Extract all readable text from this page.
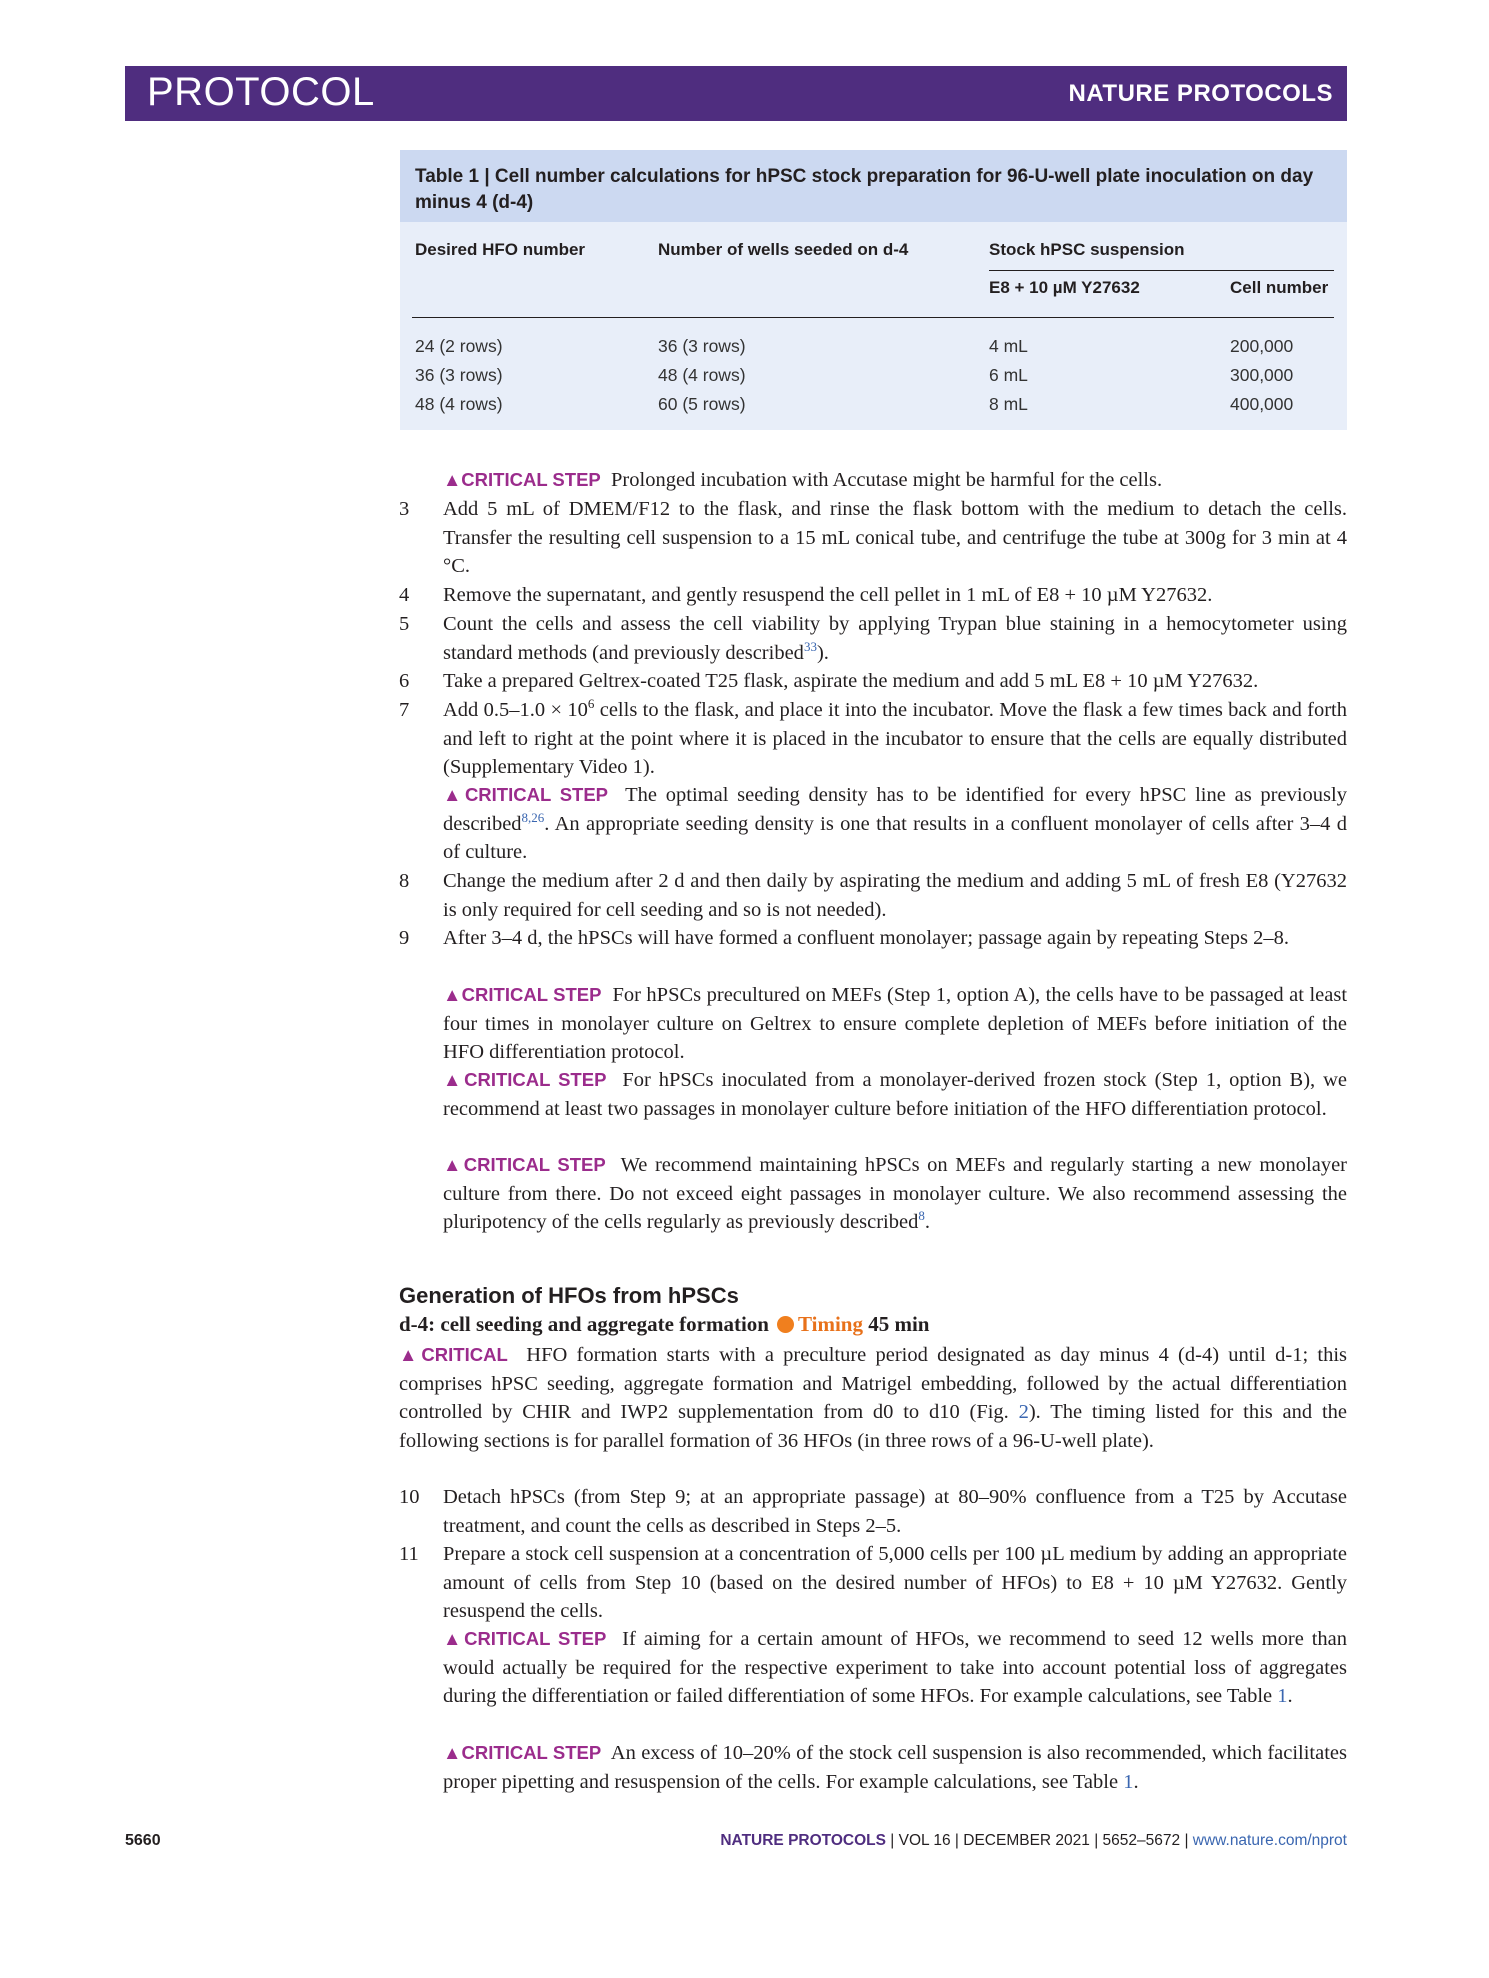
PROTOCOL	NATURE PROTOCOLS
Table 1 | Cell number calculations for hPSC stock preparation for 96-U-well plate inoculation on day minus 4 (d-4)
Desired HFO number	Number of wells seeded on d-4	Stock hPSC suspension
E8 + 10 µM Y27632	Cell number
24 (2 rows)	36 (3 rows)	4 mL	200,000
36 (3 rows)	48 (4 rows)	6 mL	300,000
48 (4 rows)	60 (5 rows)	8 mL	400,000
▲CRITICAL STEP Prolonged incubation with Accutase might be harmful for the cells.
3 Add 5 mL of DMEM/F12 to the flask, and rinse the flask bottom with the medium to detach the cells. Transfer the resulting cell suspension to a 15 mL conical tube, and centrifuge the tube at 300g for 3 min at 4 °C.
4 Remove the supernatant, and gently resuspend the cell pellet in 1 mL of E8 + 10 µM Y27632.
5 Count the cells and assess the cell viability by applying Trypan blue staining in a hemocytometer using standard methods (and previously described$^{33}$).
6 Take a prepared Geltrex-coated T25 flask, aspirate the medium and add 5 mL E8 + 10 µM Y27632.
7 Add $0.5-1.0 \times 10^6$ cells to the flask, and place it into the incubator. Move the flask a few times back and forth and left to right at the point where it is placed in the incubator to ensure that the cells are equally distributed (Supplementary Video 1).
▲CRITICAL STEP The optimal seeding density has to be identified for every hPSC line as previously described$^{8,26}$. An appropriate seeding density is one that results in a confluent monolayer of cells after 3–4 d of culture.
8 Change the medium after 2 d and then daily by aspirating the medium and adding 5 mL of fresh E8 (Y27632 is only required for cell seeding and so is not needed).
9 After 3–4 d, the hPSCs will have formed a confluent monolayer; passage again by repeating Steps 2–8.
▲CRITICAL STEP For hPSCs precultured on MEFs (Step 1, option A), the cells have to be passaged at least four times in monolayer culture on Geltrex to ensure complete depletion of MEFs before initiation of the HFO differentiation protocol.
▲CRITICAL STEP For hPSCs inoculated from a monolayer-derived frozen stock (Step 1, option B), we recommend at least two passages in monolayer culture before initiation of the HFO differentiation protocol.
▲CRITICAL STEP We recommend maintaining hPSCs on MEFs and regularly starting a new monolayer culture from there. Do not exceed eight passages in monolayer culture. We also recommend assessing the pluripotency of the cells regularly as previously described$^8$.
Generation of HFOs from hPSCs
d-4: cell seeding and aggregate formation Timing 45 min
▲CRITICAL HFO formation starts with a preculture period designated as day minus 4 (d-4) until d-1; this comprises hPSC seeding, aggregate formation and Matrigel embedding, followed by the actual differentiation controlled by CHIR and IWP2 supplementation from d0 to d10 (Fig. 2). The timing listed for this and the following sections is for parallel formation of 36 HFOs (in three rows of a 96-U-well plate).
10 Detach hPSCs (from Step 9; at an appropriate passage) at 80–90% confluence from a T25 by Accutase treatment, and count the cells as described in Steps 2–5.
11 Prepare a stock cell suspension at a concentration of 5,000 cells per 100 µL medium by adding an appropriate amount of cells from Step 10 (based on the desired number of HFOs) to E8 + 10 µM Y27632. Gently resuspend the cells.
▲CRITICAL STEP If aiming for a certain amount of HFOs, we recommend to seed 12 wells more than would actually be required for the respective experiment to take into account potential loss of aggregates during the differentiation or failed differentiation of some HFOs. For example calculations, see Table 1.
▲CRITICAL STEP An excess of 10–20% of the stock cell suspension is also recommended, which facilitates proper pipetting and resuspension of the cells. For example calculations, see Table 1.
5660	NATURE PROTOCOLS | VOL 16 | DECEMBER 2021 | 5652–5672 | www.nature.com/nprot
